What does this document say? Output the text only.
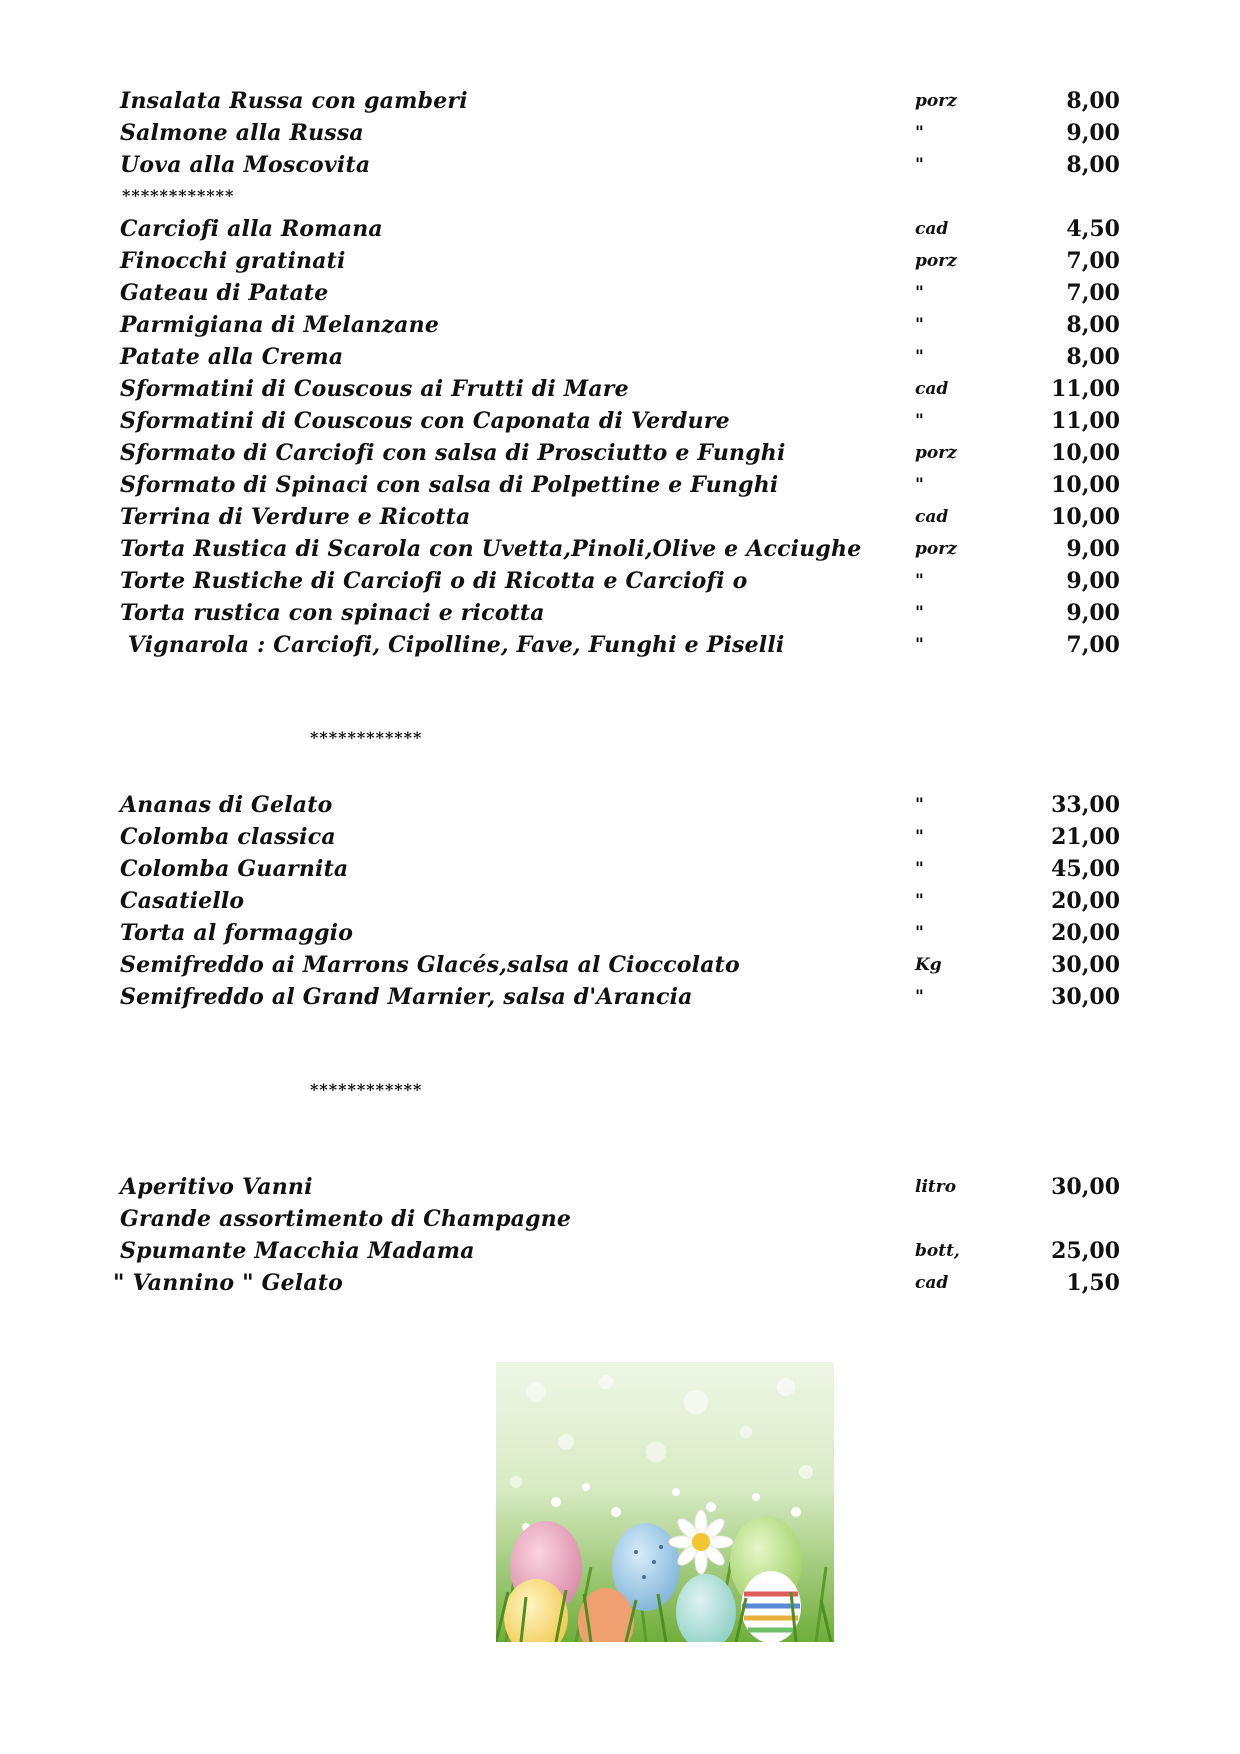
Insalata Russa con gamberi	porz	8,00
Salmone alla Russa	"	9,00
Uova alla Moscovita	"	8,00
************
Carciofi alla Romana	cad	4,50
Finocchi gratinati	porz	7,00
Gateau di Patate	"	7,00
Parmigiana di Melanzane	"	8,00
Patate alla Crema	"	8,00
Sformatini di Couscous ai Frutti di Mare	cad	11,00
Sformatini di Couscous con Caponata di Verdure	"	11,00
Sformato di Carciofi con salsa di Prosciutto e Funghi	porz	10,00
Sformato di Spinaci con salsa di Polpettine e Funghi	"	10,00
Terrina di Verdure e Ricotta	cad	10,00
Torta Rustica di Scarola con Uvetta,Pinoli,Olive e Acciughe	porz	9,00
Torte Rustiche di Carciofi o di Ricotta e Carciofi o	"	9,00
Torta rustica con spinaci e ricotta	"	9,00
Vignarola : Carciofi, Cipolline, Fave, Funghi e Piselli	"	7,00
************
Ananas di Gelato	"	33,00
Colomba classica	"	21,00
Colomba Guarnita	"	45,00
Casatiello	"	20,00
Torta al formaggio	"	20,00
Semifreddo ai Marrons Glacés,salsa al Cioccolato	Kg	30,00
Semifreddo al Grand Marnier, salsa d'Arancia	"	30,00
************
Aperitivo Vanni	litro	30,00
Grande assortimento di Champagne
Spumante Macchia Madama	bott,	25,00
" Vannino " Gelato	cad	1,50
